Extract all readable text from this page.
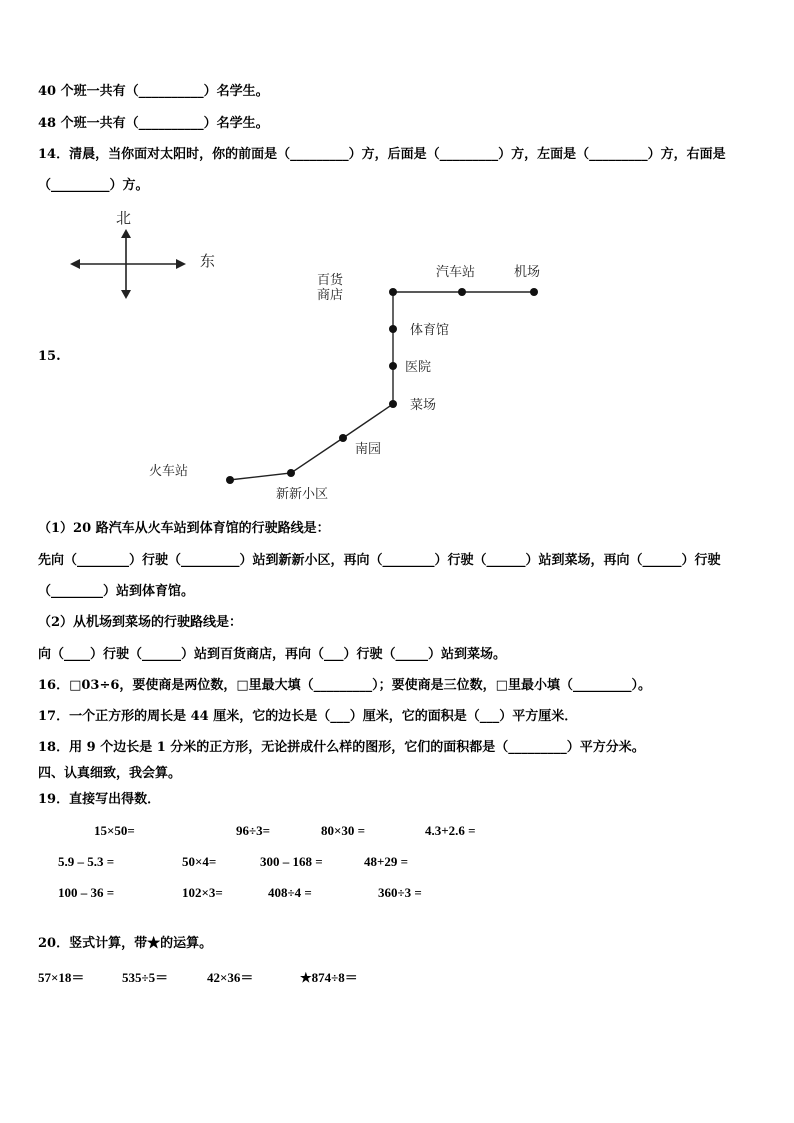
40 个班一共有（__________）名学生。
48 个班一共有（__________）名学生。
14．清晨，当你面对太阳时，你的前面是（_________）方，后面是（_________）方，左面是（_________）方，右面是
（_________）方。
北
东
百货
商店
汽车站	机场
体育馆
医院
菜场
南园
火车站
新新小区
15.
（1）20 路汽车从火车站到体育馆的行驶路线是：
先向（________）行驶（_________）站到新新小区，再向（________）行驶（______）站到菜场，再向（______）行驶
（________）站到体育馆。
（2）从机场到菜场的行驶路线是：
向（____）行驶（______）站到百货商店，再向（___）行驶（_____）站到菜场。
16．□03÷6，要使商是两位数，□里最大填（_________）；要使商是三位数，□里最小填（_________）。
17．一个正方形的周长是 44 厘米，它的边长是（___）厘米，它的面积是（___）平方厘米．
18．用 9 个边长是 1 分米的正方形，无论拼成什么样的图形，它们的面积都是（_________）平方分米。
四、认真细致，我会算。
19．直接写出得数．
15×50=	96÷3=	80×30 =	4.3+2.6 =
5.9 – 5.3 =	50×4=	300 – 168 =	48+29 =
100 – 36 =	102×3=	408÷4 =	360÷3 =
20．竖式计算，带★的运算。
57×18＝	535÷5＝	42×36＝	★874÷8＝
